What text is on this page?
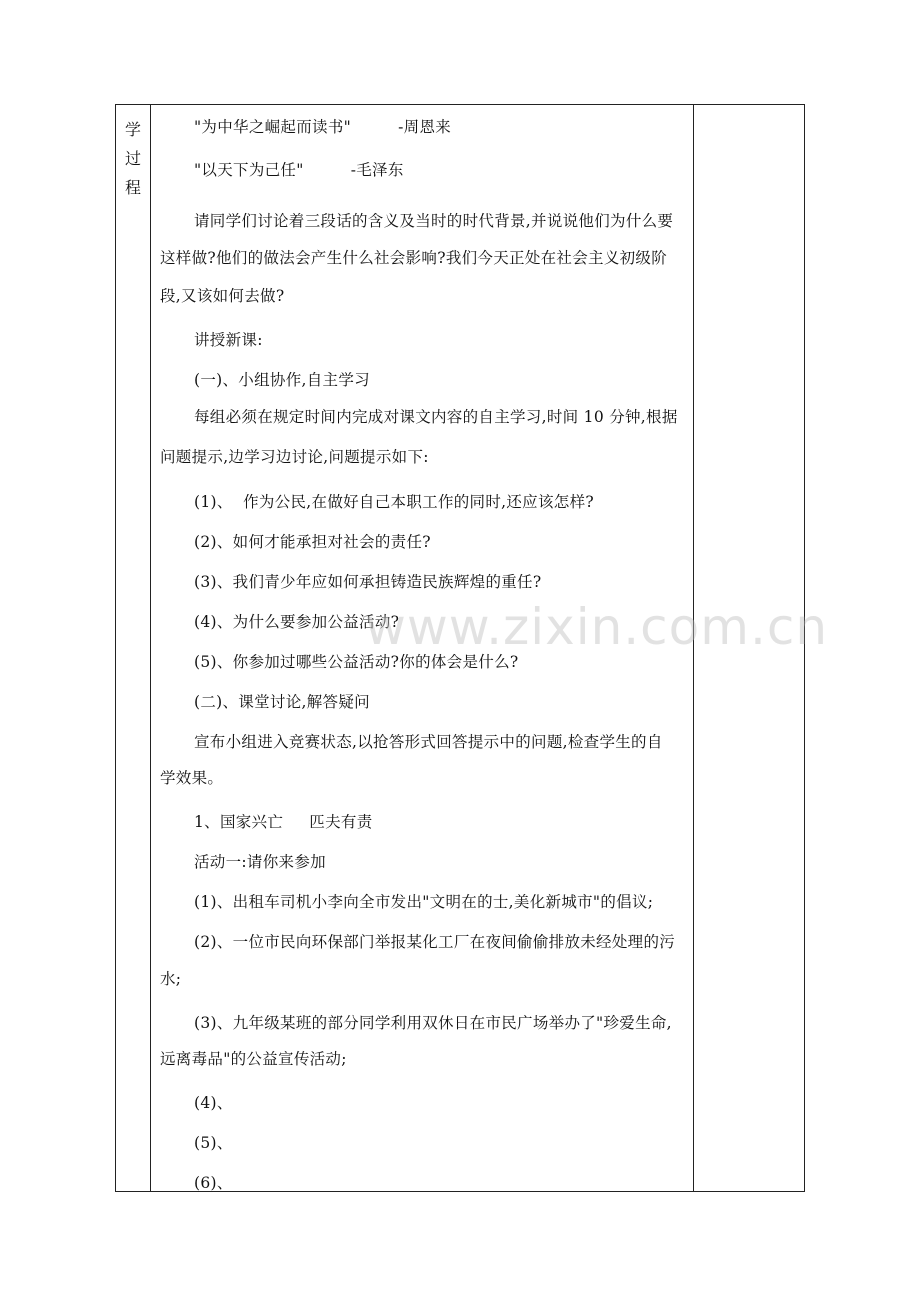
学
过
程
"为中华之崛起而读书"         -周恩来
"以天下为己任"         -毛泽东
请同学们讨论着三段话的含义及当时的时代背景,并说说他们为什么要
这样做?他们的做法会产生什么社会影响?我们今天正处在社会主义初级阶
段,又该如何去做?
讲授新课:
(一)、小组协作,自主学习
每组必须在规定时间内完成对课文内容的自主学习,时间 10 分钟,根据
问题提示,边学习边讨论,问题提示如下:
(1)、  作为公民,在做好自己本职工作的同时,还应该怎样?
(2)、如何才能承担对社会的责任?
(3)、我们青少年应如何承担铸造民族辉煌的重任?
(4)、为什么要参加公益活动?
(5)、你参加过哪些公益活动?你的体会是什么?
(二)、课堂讨论,解答疑问
宣布小组进入竞赛状态,以抢答形式回答提示中的问题,检查学生的自
学效果。
1、国家兴亡     匹夫有责
活动一:请你来参加
(1)、出租车司机小李向全市发出"文明在的士,美化新城市"的倡议;
(2)、一位市民向环保部门举报某化工厂在夜间偷偷排放未经处理的污
水;
(3)、九年级某班的部分同学利用双休日在市民广场举办了"珍爱生命,
远离毒品"的公益宣传活动;
(4)、
(5)、
(6)、
www.zixin.com.cn
